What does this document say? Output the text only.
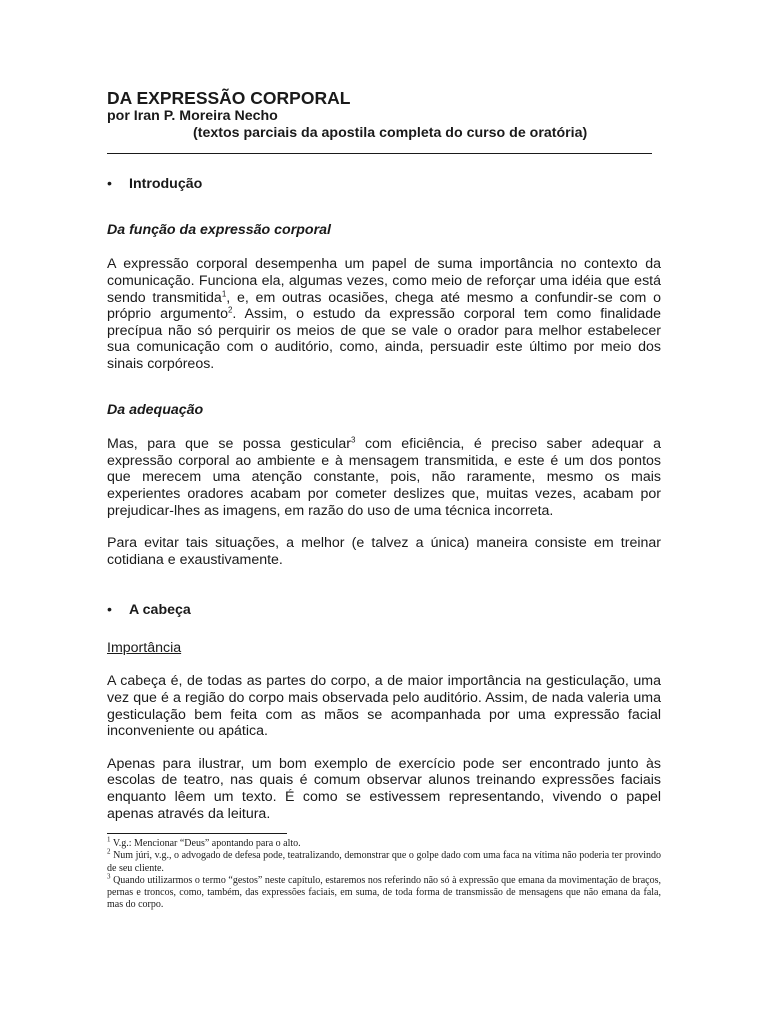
DA EXPRESSÃO CORPORAL
por Iran P. Moreira Necho
(textos parciais da apostila completa do curso de oratória)
•	Introdução
Da função da expressão corporal

A expressão corporal desempenha um papel de suma importância no contexto da comunicação. Funciona ela, algumas vezes, como meio de reforçar uma idéia que está sendo transmitida$^1$, e, em outras ocasiões, chega até mesmo a confundir-se com o próprio argumento$^2$. Assim, o estudo da expressão corporal tem como finalidade precípua não só perquirir os meios de que se vale o orador para melhor estabelecer sua comunicação com o auditório, como, ainda, persuadir este último por meio dos sinais corpóreos.

Da adequação

Mas, para que se possa gesticular$^3$ com eficiência, é preciso saber adequar a expressão corporal ao ambiente e à mensagem transmitida, e este é um dos pontos que merecem uma atenção constante, pois, não raramente, mesmo os mais experientes oradores acabam por cometer deslizes que, muitas vezes, acabam por prejudicar-lhes as imagens, em razão do uso de uma técnica incorreta.

Para evitar tais situações, a melhor (e talvez a única) maneira consiste em treinar cotidiana e exaustivamente.

•	A cabeça
Importância

A cabeça é, de todas as partes do corpo, a de maior importância na gesticulação, uma vez que é a região do corpo mais observada pelo auditório. Assim, de nada valeria uma gesticulação bem feita com as mãos se acompanhada por uma expressão facial inconveniente ou apática.

Apenas para ilustrar, um bom exemplo de exercício pode ser encontrado junto às escolas de teatro, nas quais é comum observar alunos treinando expressões faciais enquanto lêem um texto. É como se estivessem representando, vivendo o papel apenas através da leitura.

$^1$ V.g.: Mencionar “Deus” apontando para o alto.
$^2$ Num júri, v.g., o advogado de defesa pode, teatralizando, demonstrar que o golpe dado com uma faca na vítima não poderia ter provindo de seu cliente.
$^3$ Quando utilizarmos o termo “gestos” neste capítulo, estaremos nos referindo não só à expressão que emana da movimentação de braços, pernas e troncos, como, também, das expressões faciais, em suma, de toda forma de transmissão de mensagens que não emana da fala, mas do corpo.
